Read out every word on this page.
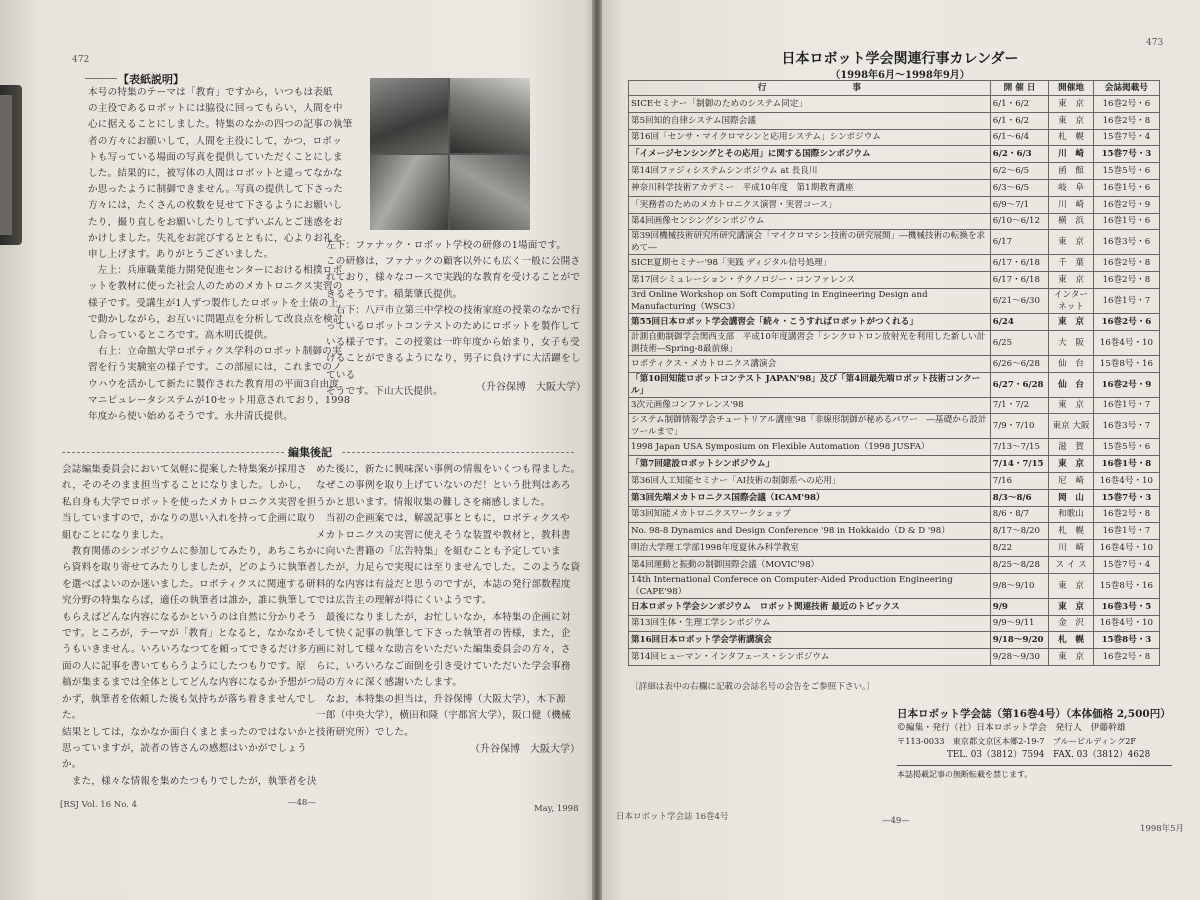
472
【表紙説明】
本号の特集のテーマは「教育」ですから，いつもは表紙
の主役であるロボットには脇役に回ってもらい，人間を中
心に据えることにしました。特集のなかの四つの記事の執筆
者の方々にお願いして，人間を主役にして，かつ，ロボッ
トも写っている場面の写真を提供していただくことにしま
した。結果的に，被写体の人間はロボットと違ってなかな
か思ったように制御できません。写真の提供して下さった
方々には，たくさんの枚数を見せて下さるようにお願いし
たり，撮り直しをお願いしたりしてずいぶんとご迷惑をお
かけしました。失礼をお詫びするとともに，心よりお礼を
申し上げます。ありがとうございました。
　左上：兵庫職業能力開発促進センターにおける相撲ロボ
ットを教材に使った社会人のためのメカトロニクス実習の
様子です。受講生が1人ずつ製作したロボットを土俵の上
で動かしながら，お互いに問題点を分析して改良点を検討
し合っているところです。高木明氏提供。
　右上：立命館大学ロボティクス学科のロボット制御の実
習を行う実験室の様子です。この部屋には，これまでのノ
ウハウを活かして新たに製作された教育用の平面3自由度
マニピュレータシステムが10セット用意されており，1998
年度から使い始めるそうです。永井清氏提供。
左下：ファナック・ロボット学校の研修の1場面です。
この研修は，ファナックの顧客以外にも広く一般に公開さ
れており，様々なコースで実践的な教育を受けることがで
きるそうです。稲葉肇氏提供。
　右下：八戸市立第三中学校の技術家庭の授業のなかで行
っているロボットコンテストのためにロボットを製作して
いる様子です。この授業は一昨年度から始まり，女子も受けることができるようになり，男子に負けずに大活躍をしている
そうです。下山大氏提供。	（升谷保博　大阪大学）
編集後記
会誌編集委員会において気軽に提案した特集案が採用さ
れ，そのそのまま担当することになりました。しかし，
私自身も大学でロボットを使ったメカトロニクス実習を担
当していますので，かなりの思い入れを持って企画に取り
組むことになりました。
　教育関係のシンポジウムに参加してみたり，あちこちか
ら資料を取り寄せてみたりしましたが，どのように執筆者
を選べばよいのか迷いました。ロボティクスに関連する研
究分野の特集ならば，適任の執筆者は誰か，誰に執筆して
もらえばどんな内容になるかというのは自然に分かりそう
です。ところが，テーマが「教育」となると，なかなかそ
うもいきません。いろいろなつてを頼ってできるだけ多方
面の人に記事を書いてもらうようにしたつもりです。原
稿が集まるまでは全体としてどんな内容になるか予想がつ
かず，執筆者を依頼した後も気持ちが落ち着きませんでした。
結果としては，なかなか面白くまとまったのではないかと
思っていますが，読者の皆さんの感想はいかがでしょうか。
　また，様々な情報を集めたつもりでしたが，執筆者を決
めた後に，新たに興味深い事例の情報をいくつも得ました。
なぜこの事例を取り上げていないのだ！という批判はあろ
うかと思います。情報収集の難しさを痛感しました。
　当初の企画案では，解説記事とともに，ロボティクスや
メカトロニクスの実習に使えそうな装置や教材と，教科書
に向いた書籍の「広告特集」を組むことも予定していま
したが，力足らで実現には至りませんでした。このような資
料的な内容は有益だと思うのですが，本誌の発行部数程度
では広告主の理解が得にくいようです。
　最後になりましたが，お忙しいなか，本特集の企画に対
して快く記事の執筆して下さった執筆者の皆様，また，企
画に対して様々な助言をいただいた編集委員会の方々，さ
らに，いろいろなご面倒を引き受けていただいた学会事務
局の方々に深く感謝いたします。
　なお，本特集の担当は，升谷保博（大阪大学），木下源
一郎（中央大学），横田和隆（宇都宮大学），阪口健（機械
技術研究所）でした。
（升谷保博　大阪大学）
[RSJ Vol. 16 No. 4	—48—
May, 1998
473
日本ロボット学会関連行事カレンダー
（1998年6月～1998年9月）
行　　　　　　　　　　事	開 催 日	開催地	会誌掲載号
SICEセミナー「制御のためのシステム同定」	6/1・6/2	東　京	16巻2号・6
第5回知的自律システム国際会議	6/1・6/2	東　京	16巻2号・8
第16回「センサ・マイクロマシンと応用システム」シンポジウム	6/1～6/4	札　幌	15巻7号・4
「イメージセンシングとその応用」に関する国際シンポジウム	6/2・6/3	川　崎	15巻7号・3
第14回ファジィシステムシンポジウム at 長良川	6/2～6/5	函　館	15巻5号・6
神奈川科学技術アカデミー　平成10年度　第1期教育講座	6/3～6/5	岐　阜	16巻1号・6
「実務者のためのメカトロニクス演習・実習コース」	6/9～7/1	川　崎	16巻2号・9
第4回画像センシングシンポジウム	6/10～6/12	横　浜	16巻1号・6
第39回機械技術研究所研究講演会「マイクロマシン技術の研究展開」―機械技術の転換を求めて―	6/17	東　京	16巻3号・6
SICE夏期セミナー'98「実践 ディジタル信号処理」	6/17・6/18	千　葉	16巻2号・8
第17回シミュレーション・テクノロジー・コンファレンス	6/17・6/18	東　京	16巻2号・8
3rd Online Workshop on Soft Computing in Engineering Design and Manufacturing（WSC3）	6/21～6/30	インターネット	16巻1号・7
第55回日本ロボット学会講習会「続々・こうすればロボットがつくれる」	6/24	東　京	16巻2号・6
計測自動制御学会関西支部　平成10年度講習会「シンクロトロン放射光を利用した新しい計測技術―Spring-8最前線」	6/25	大　阪	16巻4号・10
ロボティクス・メカトロニクス講演会	6/26～6/28	仙　台	15巻8号・16
「第10回知能ロボットコンテスト JAPAN'98」及び「第4回最先端ロボット技術コンクール」	6/27・6/28	仙　台	16巻2号・9
3次元画像コンファレンス'98	7/1・7/2	東　京	16巻1号・7
システム制御情報学会チュートリアル講座'98「非線形制御が秘めるパワー　―基礎から設計ツールまで」	7/9・7/10	東京 大阪	16巻3号・7
1998 Japan USA Symposium on Flexible Automation（1998 JUSFA）	7/13～7/15	滋　賀	15巻5号・6
「第7回建設ロボットシンポジウム」	7/14・7/15	東　京	16巻1号・8
第36回人工知能セミナー「AI技術の制御系への応用」	7/16	尼　崎	16巻4号・10
第3回先端メカトロニクス国際会議（ICAM'98）	8/3～8/6	岡　山	15巻7号・3
第3回知能メカトロニクスワークショップ	8/6・8/7	和歌山	16巻2号・8
No. 98-8 Dynamics and Design Conference '98 in Hokkaido（D & D '98）	8/17～8/20	札　幌	16巻1号・7
明治大学理工学部1998年度夏休み科学教室	8/22	川　崎	16巻4号・10
第4回運動と振動の制御国際会議（MOVIC'98）	8/25～8/28	ス イ ス	15巻7号・4
14th International Conferece on Computer-Aided Production Engineering（CAPE'98）	9/8～9/10	東　京	15巻8号・16
日本ロボット学会シンポジウム　ロボット関連技術 最近のトピックス	9/9	東　京	16巻3号・5
第13回生体・生理工学シンポジウム	9/9～9/11	金　沢	16巻4号・10
第16回日本ロボット学会学術講演会	9/18～9/20	札　幌	15巻8号・3
第14回ヒューマン・インタフェース・シンポジウム	9/28～9/30	東　京	16巻2号・8
〔詳細は表中の右欄に記載の会誌名号の会告をご参照下さい。〕
日本ロボット学会誌（第16巻4号）（本体価格 2,500円）
©編集・発行（社）日本ロボット学会　発行人　伊藤幹雄
〒113-0033　東京都文京区本郷2-19-7　ブルービルディング2F
TEL. 03（3812）7594　FAX. 03（3812）4628
本誌掲載記事の無断転載を禁じます。
日本ロボット学会誌 16巻4号	—49—
1998年5月
